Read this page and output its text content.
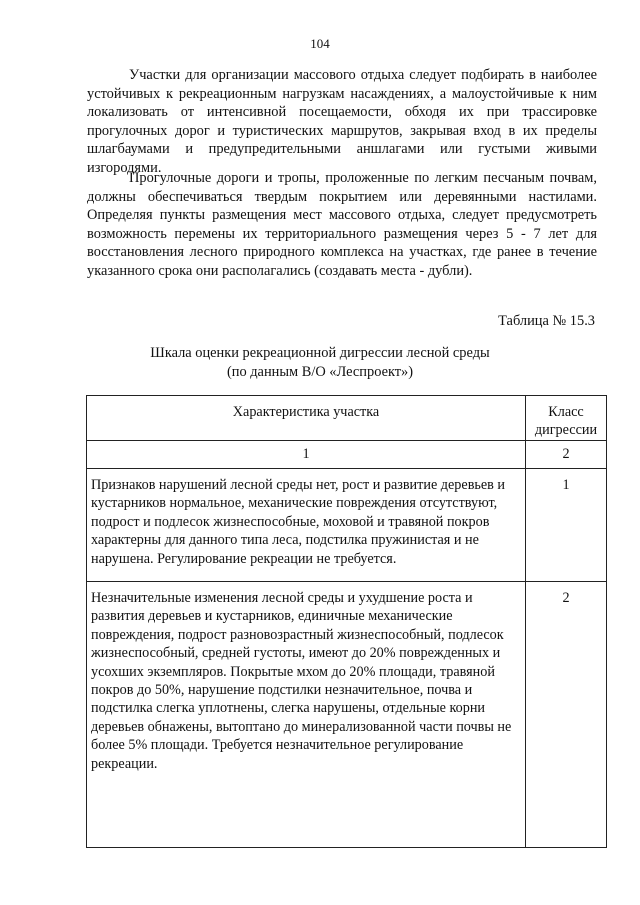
104

Участки для организации массового отдыха следует подбирать в наиболее устойчивых к рекреационным нагрузкам насаждениях, а малоустойчивые к ним локализовать от интенсивной посещаемости, обходя их при трассировке прогулочных дорог и туристических маршрутов, закрывая вход в их пределы шлагбаумами и предупредительными аншлагами или густыми живыми изгородями.

Прогулочные дороги и тропы, проложенные по легким песчаным почвам, должны обеспечиваться твердым покрытием или деревянными настилами. Определяя пункты размещения мест массового отдыха, следует предусмотреть возможность перемены их территориального размещения через 5 - 7 лет для восстановления лесного природного комплекса на участках, где ранее в течение указанного срока они располагались (создавать места - дубли).

Таблица № 15.3
Шкала оценки рекреационной дигрессии лесной среды
(по данным В/О «Леспроект»)
Характеристика участка	Класс дигрессии
1	2
Признаков нарушений лесной среды нет, рост и развитие деревьев и кустарников нормальное, механические повреждения отсутствуют, подрост и подлесок жизнеспособные, моховой и травяной покров характерны для данного типа леса, подстилка пружинистая и не нарушена. Регулирование рекреации не требуется.	1
Незначительные изменения лесной среды и ухудшение роста и развития деревьев и кустарников, единичные механические повреждения, подрост разновозрастный жизнеспособный, подлесок жизнеспособный, средней густоты, имеют до 20% поврежденных и усохших экземпляров. Покрытые мхом до 20% площади, травяной покров до 50%, нарушение подстилки незначительное, почва и подстилка слегка уплотнены, слегка нарушены, отдельные корни деревьев обнажены, вытоптано до минерализованной части почвы не более 5% площади. Требуется незначительное регулирование рекреации.	2
